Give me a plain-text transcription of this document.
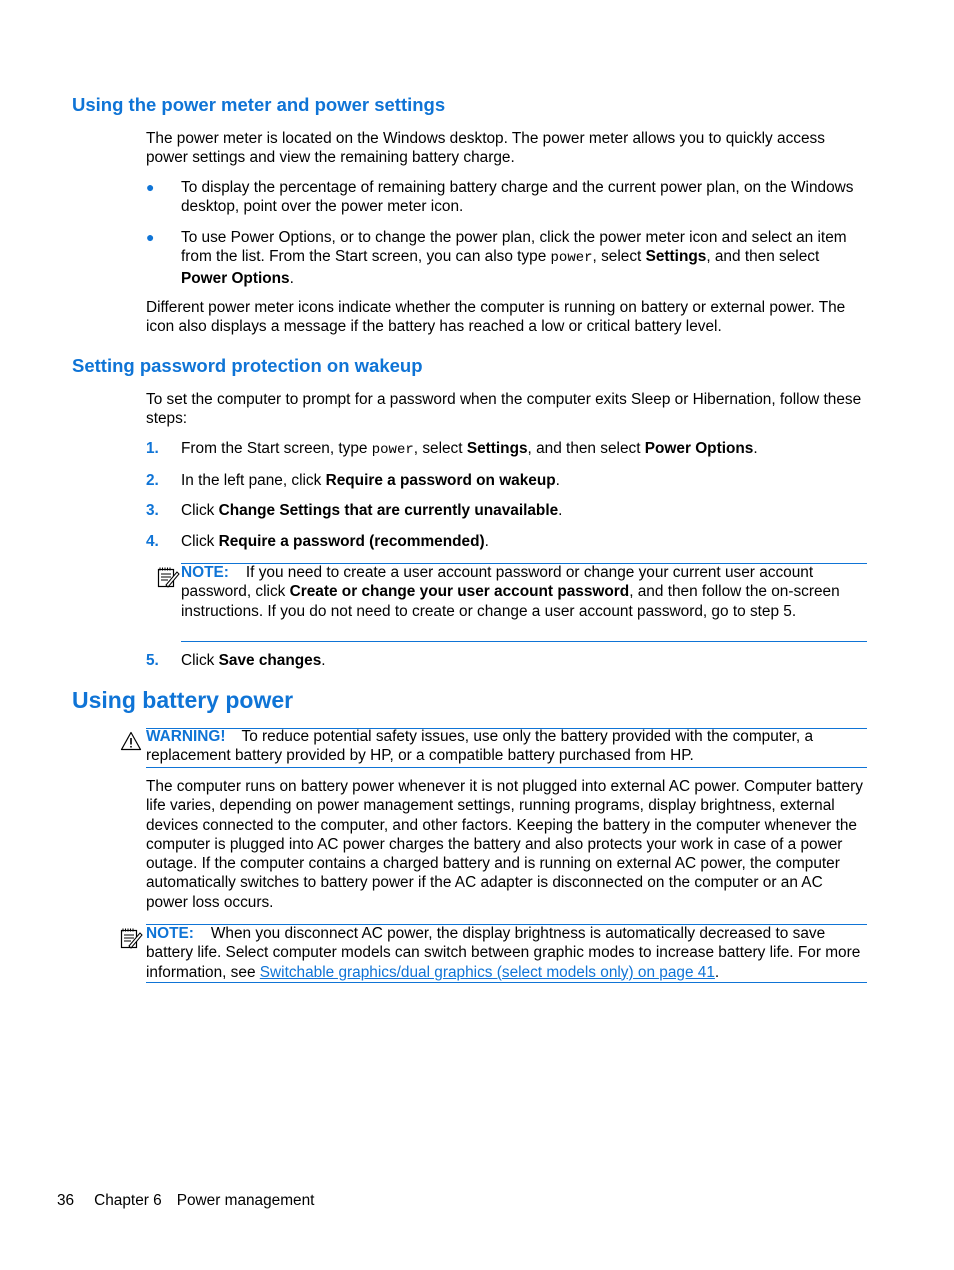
Using the power meter and power settings
The power meter is located on the Windows desktop. The power meter allows you to quickly access power settings and view the remaining battery charge.
● To display the percentage of remaining battery charge and the current power plan, on the Windows desktop, point over the power meter icon.
● To use Power Options, or to change the power plan, click the power meter icon and select an item from the list. From the Start screen, you can also type power, select Settings, and then select Power Options.
Different power meter icons indicate whether the computer is running on battery or external power. The icon also displays a message if the battery has reached a low or critical battery level.
Setting password protection on wakeup
To set the computer to prompt for a password when the computer exits Sleep or Hibernation, follow these steps:
1. From the Start screen, type power, select Settings, and then select Power Options.
2. In the left pane, click Require a password on wakeup.
3. Click Change Settings that are currently unavailable.
4. Click Require a password (recommended).
NOTE: If you need to create a user account password or change your current user account password, click Create or change your user account password, and then follow the on-screen instructions. If you do not need to create or change a user account password, go to step 5.
5. Click Save changes.
Using battery power
WARNING! To reduce potential safety issues, use only the battery provided with the computer, a replacement battery provided by HP, or a compatible battery purchased from HP.
The computer runs on battery power whenever it is not plugged into external AC power. Computer battery life varies, depending on power management settings, running programs, display brightness, external devices connected to the computer, and other factors. Keeping the battery in the computer whenever the computer is plugged into AC power charges the battery and also protects your work in case of a power outage. If the computer contains a charged battery and is running on external AC power, the computer automatically switches to battery power if the AC adapter is disconnected on the computer or an AC power loss occurs.
NOTE: When you disconnect AC power, the display brightness is automatically decreased to save battery life. Select computer models can switch between graphic modes to increase battery life. For more information, see Switchable graphics/dual graphics (select models only) on page 41.
36 Chapter 6 Power management
